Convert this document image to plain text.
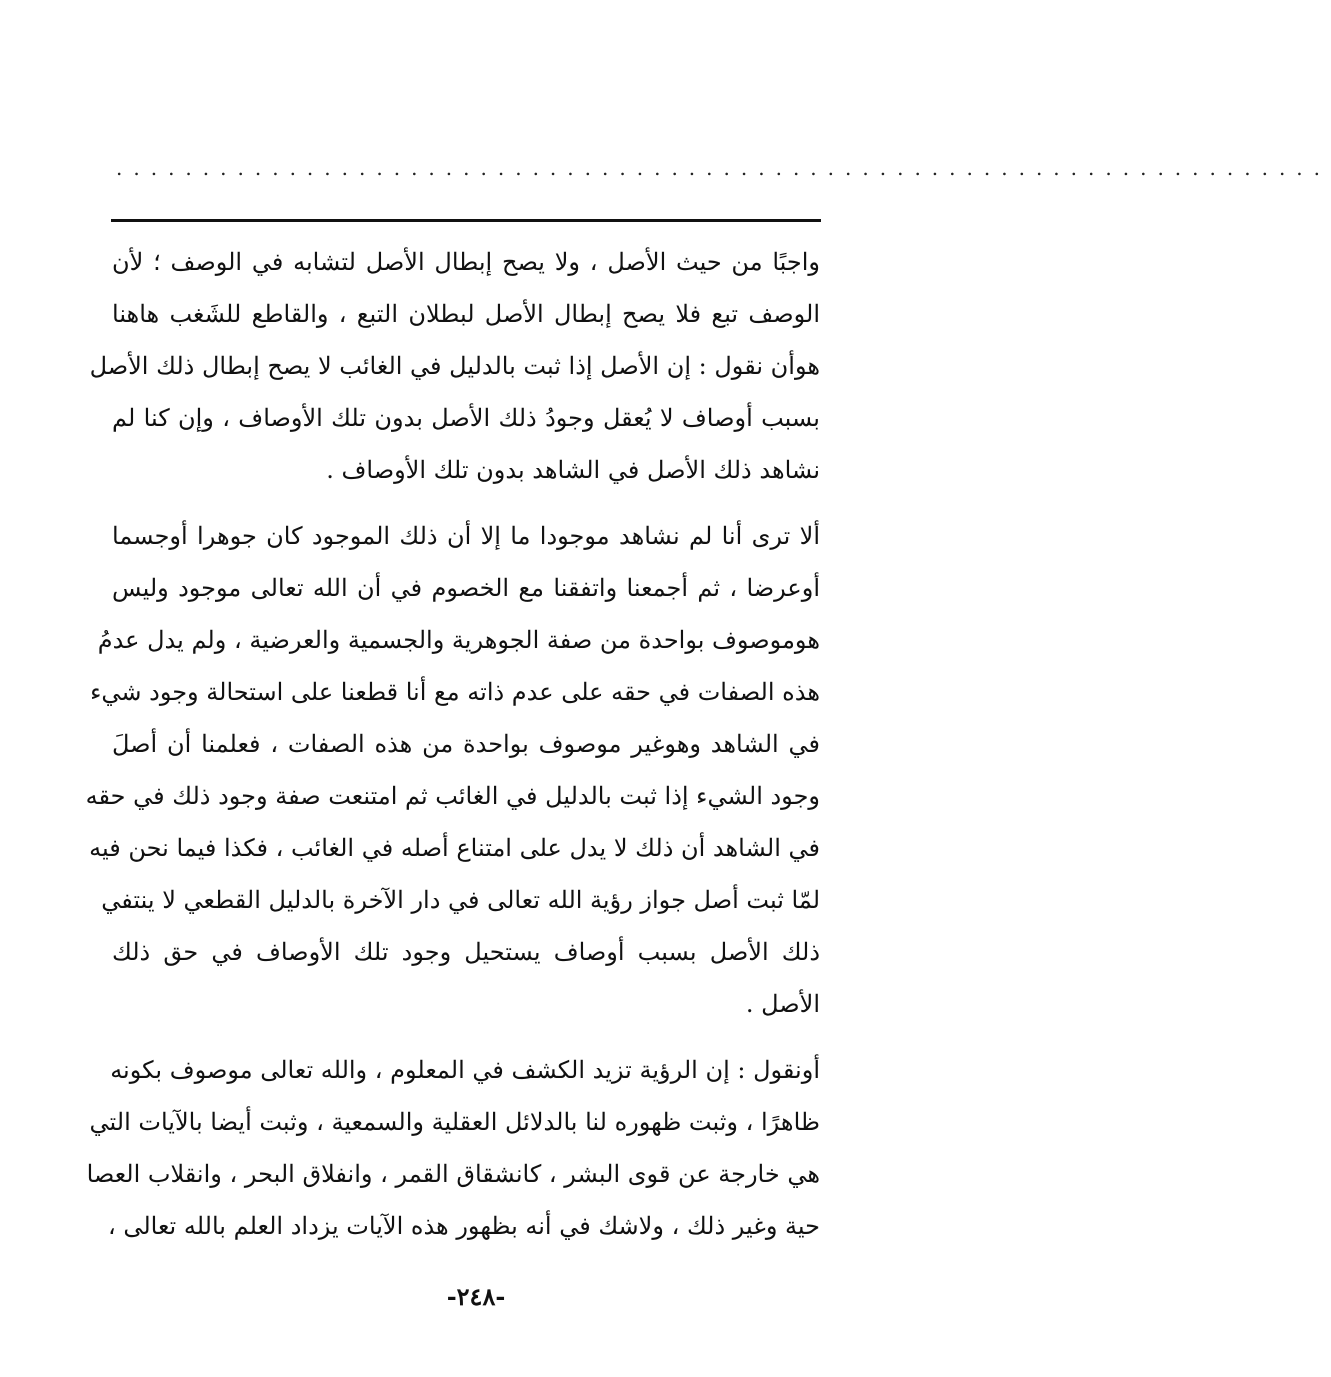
......................................................................
واجبًا من حيث الأصل ، ولا يصح إبطال الأصل لتشابه في الوصف ؛ لأن
الوصف تبع فلا يصح إبطال الأصل لبطلان التبع ، والقاطع للشَغب هاهنا
هوأن نقول : إن الأصل إذا ثبت بالدليل في الغائب لا يصح إبطال ذلك الأصل
بسبب أوصاف لا يُعقل وجودُ ذلك الأصل بدون تلك الأوصاف ، وإن كنا لم
نشاهد ذلك الأصل في الشاهد بدون تلك الأوصاف .
ألا ترى أنا لم نشاهد موجودا ما إلا أن ذلك الموجود كان جوهرا أوجسما
أوعرضا ، ثم أجمعنا واتفقنا مع الخصوم في أن الله تعالى موجود وليس
هوموصوف بواحدة من صفة الجوهرية والجسمية والعرضية ، ولم يدل عدمُ
هذه الصفات في حقه على عدم ذاته مع أنا قطعنا على استحالة وجود شيء
في الشاهد وهوغير موصوف بواحدة من هذه الصفات ، فعلمنا أن أصلَ
وجود الشيء إذا ثبت بالدليل في الغائب ثم امتنعت صفة وجود ذلك في حقه
في الشاهد أن ذلك لا يدل على امتناع أصله في الغائب ، فكذا فيما نحن فيه
لمّا ثبت أصل جواز رؤية الله تعالى في دار الآخرة بالدليل القطعي لا ينتفي
ذلك الأصل بسبب أوصاف يستحيل وجود تلك الأوصاف في حق ذلك
الأصل .
أونقول : إن الرؤية تزيد الكشف في المعلوم ، والله تعالى موصوف بكونه
ظاهرًا ، وثبت ظهوره لنا بالدلائل العقلية والسمعية ، وثبت أيضا بالآيات التي
هي خارجة عن قوى البشر ، كانشقاق القمر ، وانفلاق البحر ، وانقلاب العصا
حية وغير ذلك ، ولاشك في أنه بظهور هذه الآيات يزداد العلم بالله تعالى ،
-٢٤٨-
